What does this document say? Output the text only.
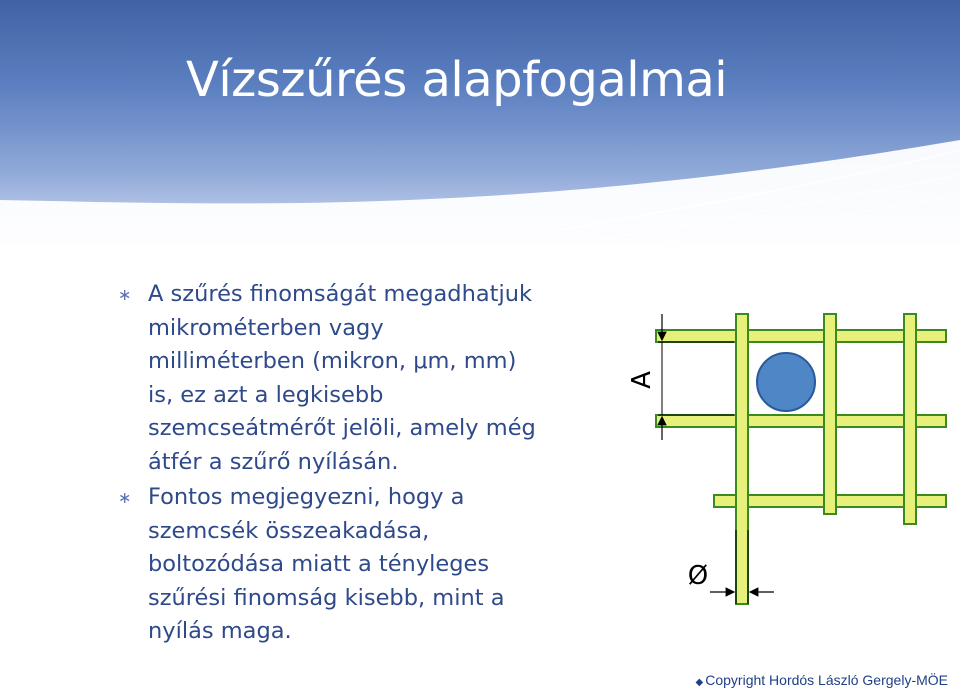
Vízszűrés alapfogalmai
∗ A szűrés finomságát megadhatjuk
mikrométerben vagy
milliméterben (mikron, μm, mm)
is, ez azt a legkisebb
szemcseátmérőt jelöli, amely még
átfér a szűrő nyílásán.
∗ Fontos megjegyezni, hogy a
szemcsék összeakadása,
boltozódása miatt a tényleges
szűrési finomság kisebb, mint a
nyílás maga.
A
Ø
◆ Copyright Hordós László Gergely-MÖE
